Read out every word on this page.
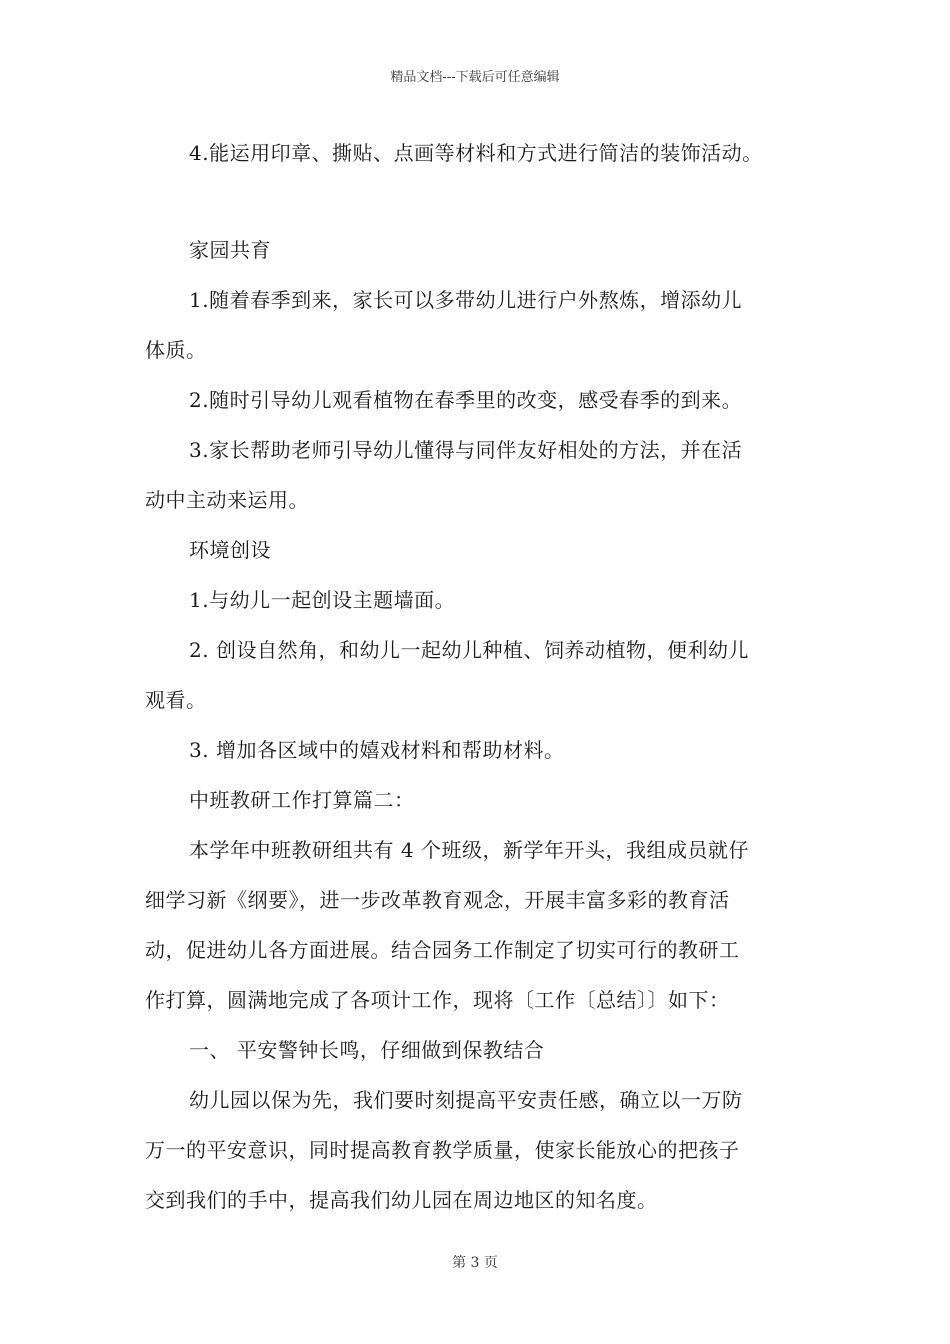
精品文档---下载后可任意编辑
4.能运用印章、撕贴、点画等材料和方式进行简洁的装饰活动。
家园共育
1.随着春季到来，家长可以多带幼儿进行户外熬炼，增添幼儿
体质。
2.随时引导幼儿观看植物在春季里的改变，感受春季的到来。
3.家长帮助老师引导幼儿懂得与同伴友好相处的方法，并在活
动中主动来运用。
环境创设
1.与幼儿一起创设主题墙面。
2. 创设自然角，和幼儿一起幼儿种植、饲养动植物，便利幼儿
观看。
3. 增加各区域中的嬉戏材料和帮助材料。
中班教研工作打算篇二：
本学年中班教研组共有 4 个班级，新学年开头，我组成员就仔
细学习新《纲要》，进一步改革教育观念，开展丰富多彩的教育活
动，促进幼儿各方面进展。结合园务工作制定了切实可行的教研工
作打算，圆满地完成了各项计工作，现将〔工作〔总结〕〕如下：
一、 平安警钟长鸣，仔细做到保教结合
幼儿园以保为先，我们要时刻提高平安责任感，确立以一万防
万一的平安意识，同时提高教育教学质量，使家长能放心的把孩子
交到我们的手中，提高我们幼儿园在周边地区的知名度。
第 3 页
